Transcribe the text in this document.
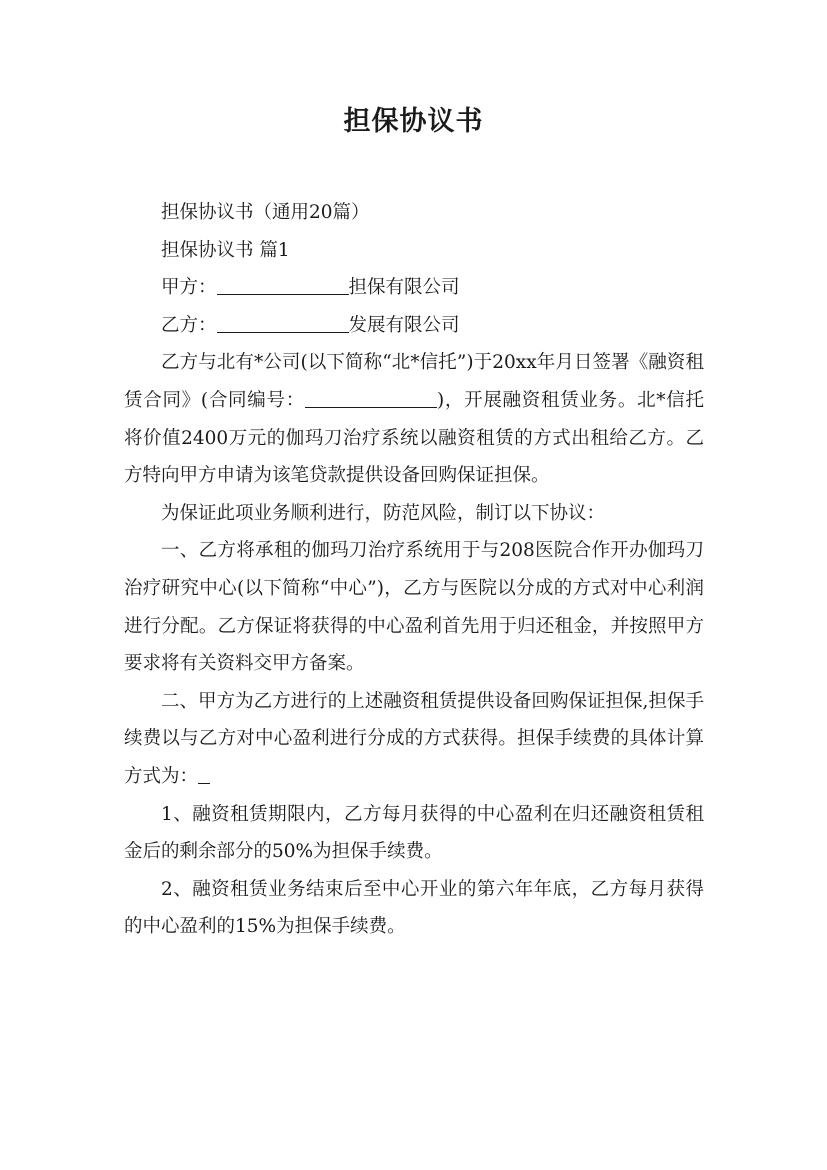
担保协议书

担保协议书（通用20篇）

担保协议书 篇1

甲方：	担保有限公司

乙方：	发展有限公司

乙方与北有*公司(以下简称“北*信托”)于20xx年月日签署《融资租赁合同》(合同编号：	)，开展融资租赁业务。北*信托将价值2400万元的伽玛刀治疗系统以融资租赁的方式出租给乙方。乙方特向甲方申请为该笔贷款提供设备回购保证担保。

为保证此项业务顺利进行，防范风险，制订以下协议：

一、乙方将承租的伽玛刀治疗系统用于与208医院合作开办伽玛刀治疗研究中心(以下简称“中心”)，乙方与医院以分成的方式对中心利润进行分配。乙方保证将获得的中心盈利首先用于归还租金，并按照甲方要求将有关资料交甲方备案。

二、甲方为乙方进行的上述融资租赁提供设备回购保证担保,担保手续费以与乙方对中心盈利进行分成的方式获得。担保手续费的具体计算方式为：

1、融资租赁期限内，乙方每月获得的中心盈利在归还融资租赁租金后的剩余部分的50%为担保手续费。

2、融资租赁业务结束后至中心开业的第六年年底，乙方每月获得的中心盈利的15%为担保手续费。
